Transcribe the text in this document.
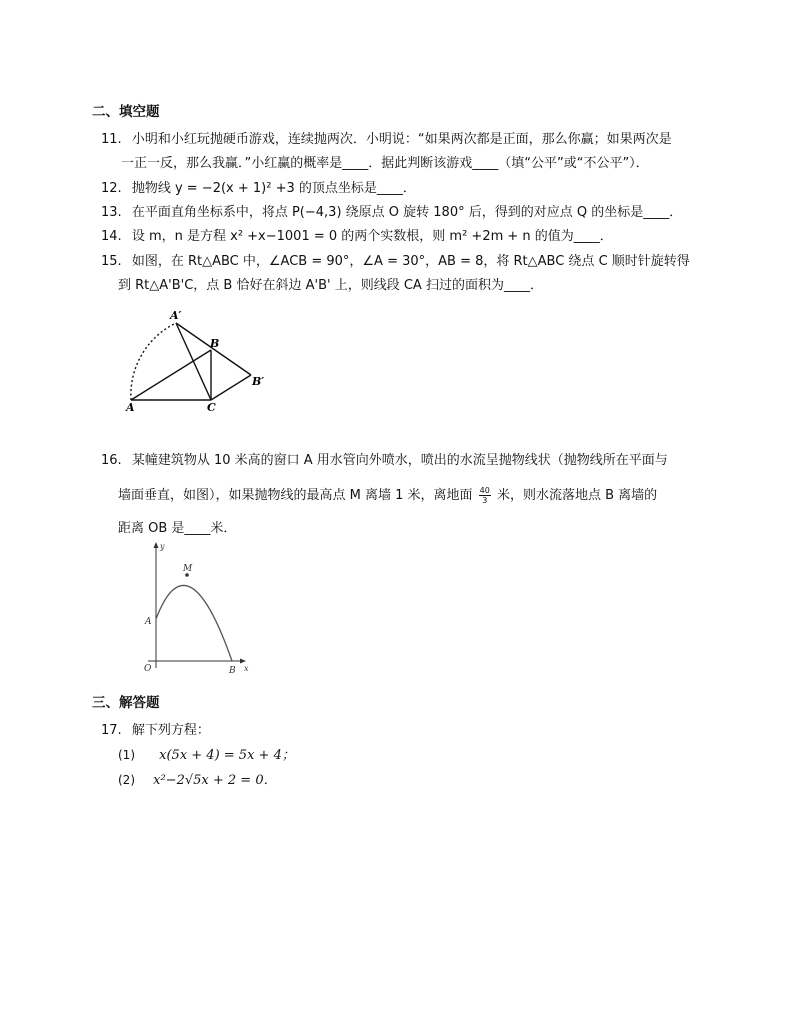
二、填空题
11. 小明和小红玩抛硬币游戏，连续抛两次．小明说：“如果两次都是正面，那么你赢；如果两次是
一正一反，那么我赢．”小红赢的概率是____．据此判断该游戏____（填“公平”或“不公平”）．
12. 抛物线 y = −2(x + 1)² +3 的顶点坐标是____．
13. 在平面直角坐标系中，将点 P(−4,3) 绕原点 O 旋转 180° 后，得到的对应点 Q 的坐标是____．
14. 设 m，n 是方程 x² +x−1001 = 0 的两个实数根，则 m² +2m + n 的值为____．
15. 如图，在 Rt△ABC 中，∠ACB = 90°，∠A = 30°，AB = 8，将 Rt△ABC 绕点 C 顺时针旋转得
到 Rt△A'B'C，点 B 恰好在斜边 A'B' 上，则线段 CA 扫过的面积为____．
A′
B
B′
A	C
16. 某幢建筑物从 10 米高的窗口 A 用水管向外喷水，喷出的水流呈抛物线状（抛物线所在平面与
墙面垂直，如图），如果抛物线的最高点 M 离墙 1 米，离地面 $\frac{40}{3}$ 米，则水流落地点 B 离墙的
距离 OB 是____米．
y
M
A
O	B x
三、解答题
17. 解下列方程：
(1) x(5x + 4) = 5x + 4；
(2) x²−2√5x + 2 = 0．
